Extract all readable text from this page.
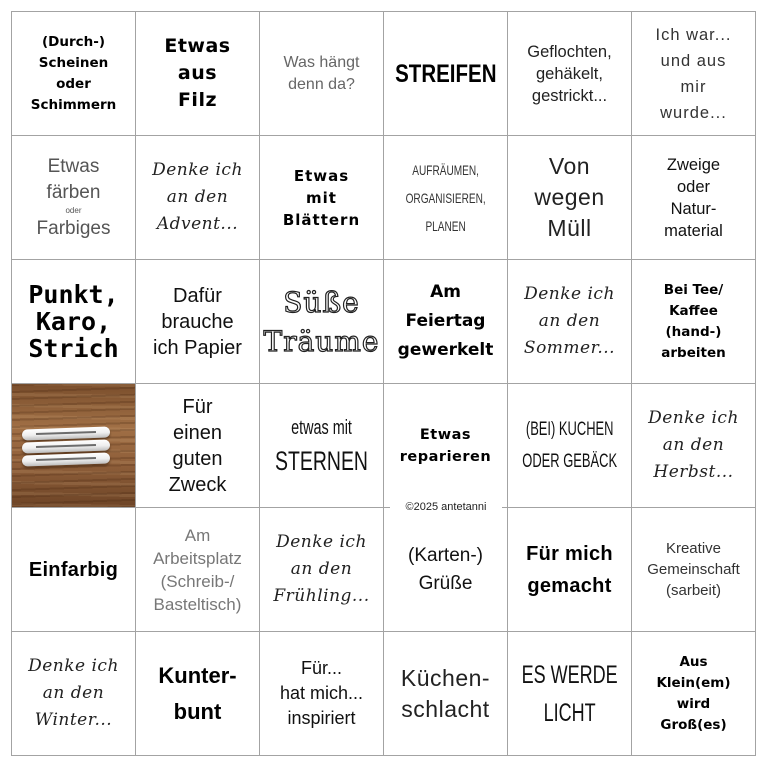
(Durch-)
Scheinen
oder
Schimmern
Etwas
aus
Filz
Was hängt
denn da? STREIFEN
Geflochten,
gehäkelt,
gestrickt...
Ich war...
und aus
mir
wurde...
Etwas
färben
oder
Farbiges
Denke ich
an den
Advent...
Etwas
mit
Blättern
AUFRÄUMEN,
ORGANISIEREN,
PLANEN
Von
wegen
Müll
Zweige
oder
Natur-
material
Punkt,
Karo,
Strich
Dafür
brauche
ich Papier
Süße
Träume
Am
Feiertag
gewerkelt
Denke ich
an den
Sommer...
Bei Tee/
Kaffee
(hand-)
arbeiten
Für
einen
guten
Zweck
etwas mit
STERNEN
Etwas
reparieren
(BEI) KUCHEN
ODER GEBÄCK
Denke ich
an den
Herbst...
Einfarbig
Am
Arbeitsplatz
(Schreib-/
Basteltisch)
Denke ich
an den
Frühling...
(Karten-)
Grüße
Für mich
gemacht
Kreative
Gemeinschaft
(sarbeit)
Denke ich
an den
Winter...
Kunter-
bunt
Für...
hat mich...
inspiriert
Küchen-
schlacht
ES WERDE
LICHT
Aus
Klein(em)
wird
Groß(es)
©2025 antetanni
